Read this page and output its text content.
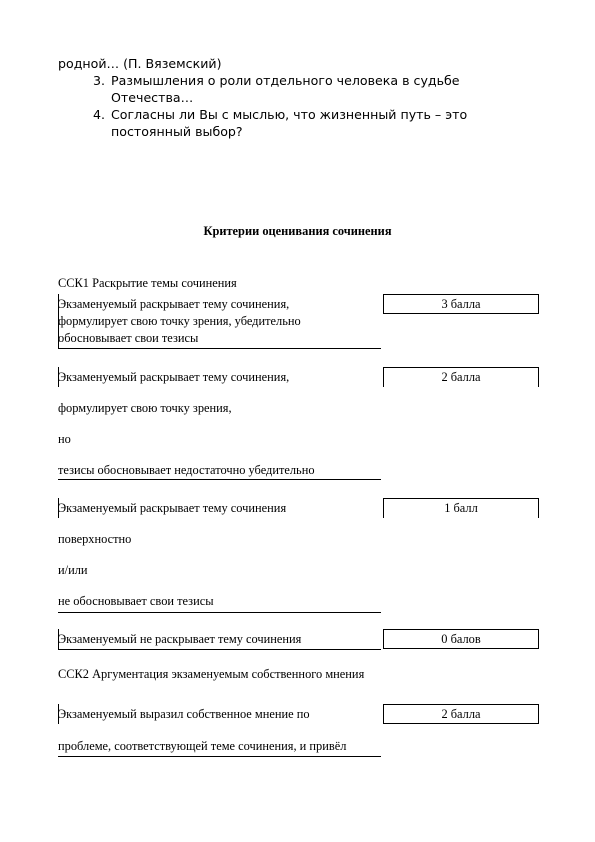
родной… (П. Вяземский)
3. Размышления о роли отдельного человека в судьбе
Отечества…
4. Согласны ли Вы с мыслью, что жизненный путь – это
постоянный выбор?
Критерии оценивания сочинения
ССК1 Раскрытие темы сочинения
Экзаменуемый раскрывает тему сочинения,
формулирует свою точку зрения, убедительно
обосновывает свои тезисы
3 балла
Экзаменуемый раскрывает тему сочинения,
формулирует свою точку зрения,
но
тезисы обосновывает недостаточно убедительно
2 балла
Экзаменуемый раскрывает тему сочинения
поверхностно
и/или
не обосновывает свои тезисы
1 балл
Экзаменуемый не раскрывает тему сочинения	0 балов
ССК2 Аргументация экзаменуемым собственного мнения
Экзаменуемый выразил собственное мнение по
проблеме, соответствующей теме сочинения, и привёл
2 балла
